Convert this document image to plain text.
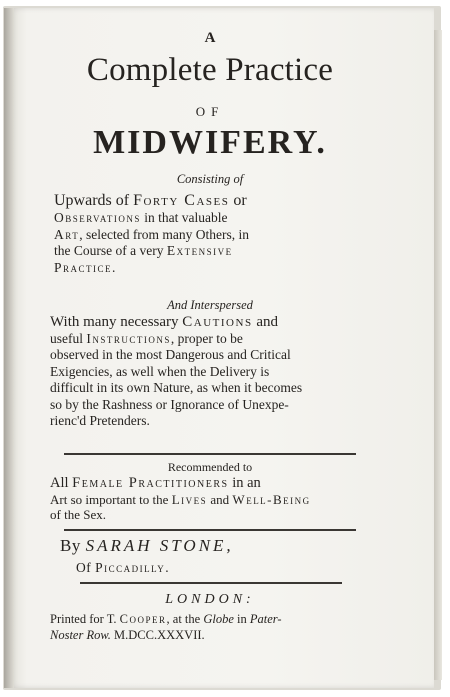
A
Complete Practice
OF
MIDWIFERY.
Consisting of
Upwards of Forty Cases or
Observations in that valuable
Art, selected from many Others, in
the Course of a very Extensive
Practice.
And Interspersed
With many necessary Cautions and
useful Instructions, proper to be
observed in the most Dangerous and Critical
Exigencies, as well when the Delivery is
difficult in its own Nature, as when it becomes
so by the Rashness or Ignorance of Unexpe-
rienc'd Pretenders.
Recommended to
All Female Practitioners in an
Art so important to the Lives and Well-Being
of the Sex.
By SARAH STONE,
Of Piccadilly.
LONDON:
Printed for T. Cooper, at the Globe in Pater-
Noster Row. M.DCC.XXXVII.
